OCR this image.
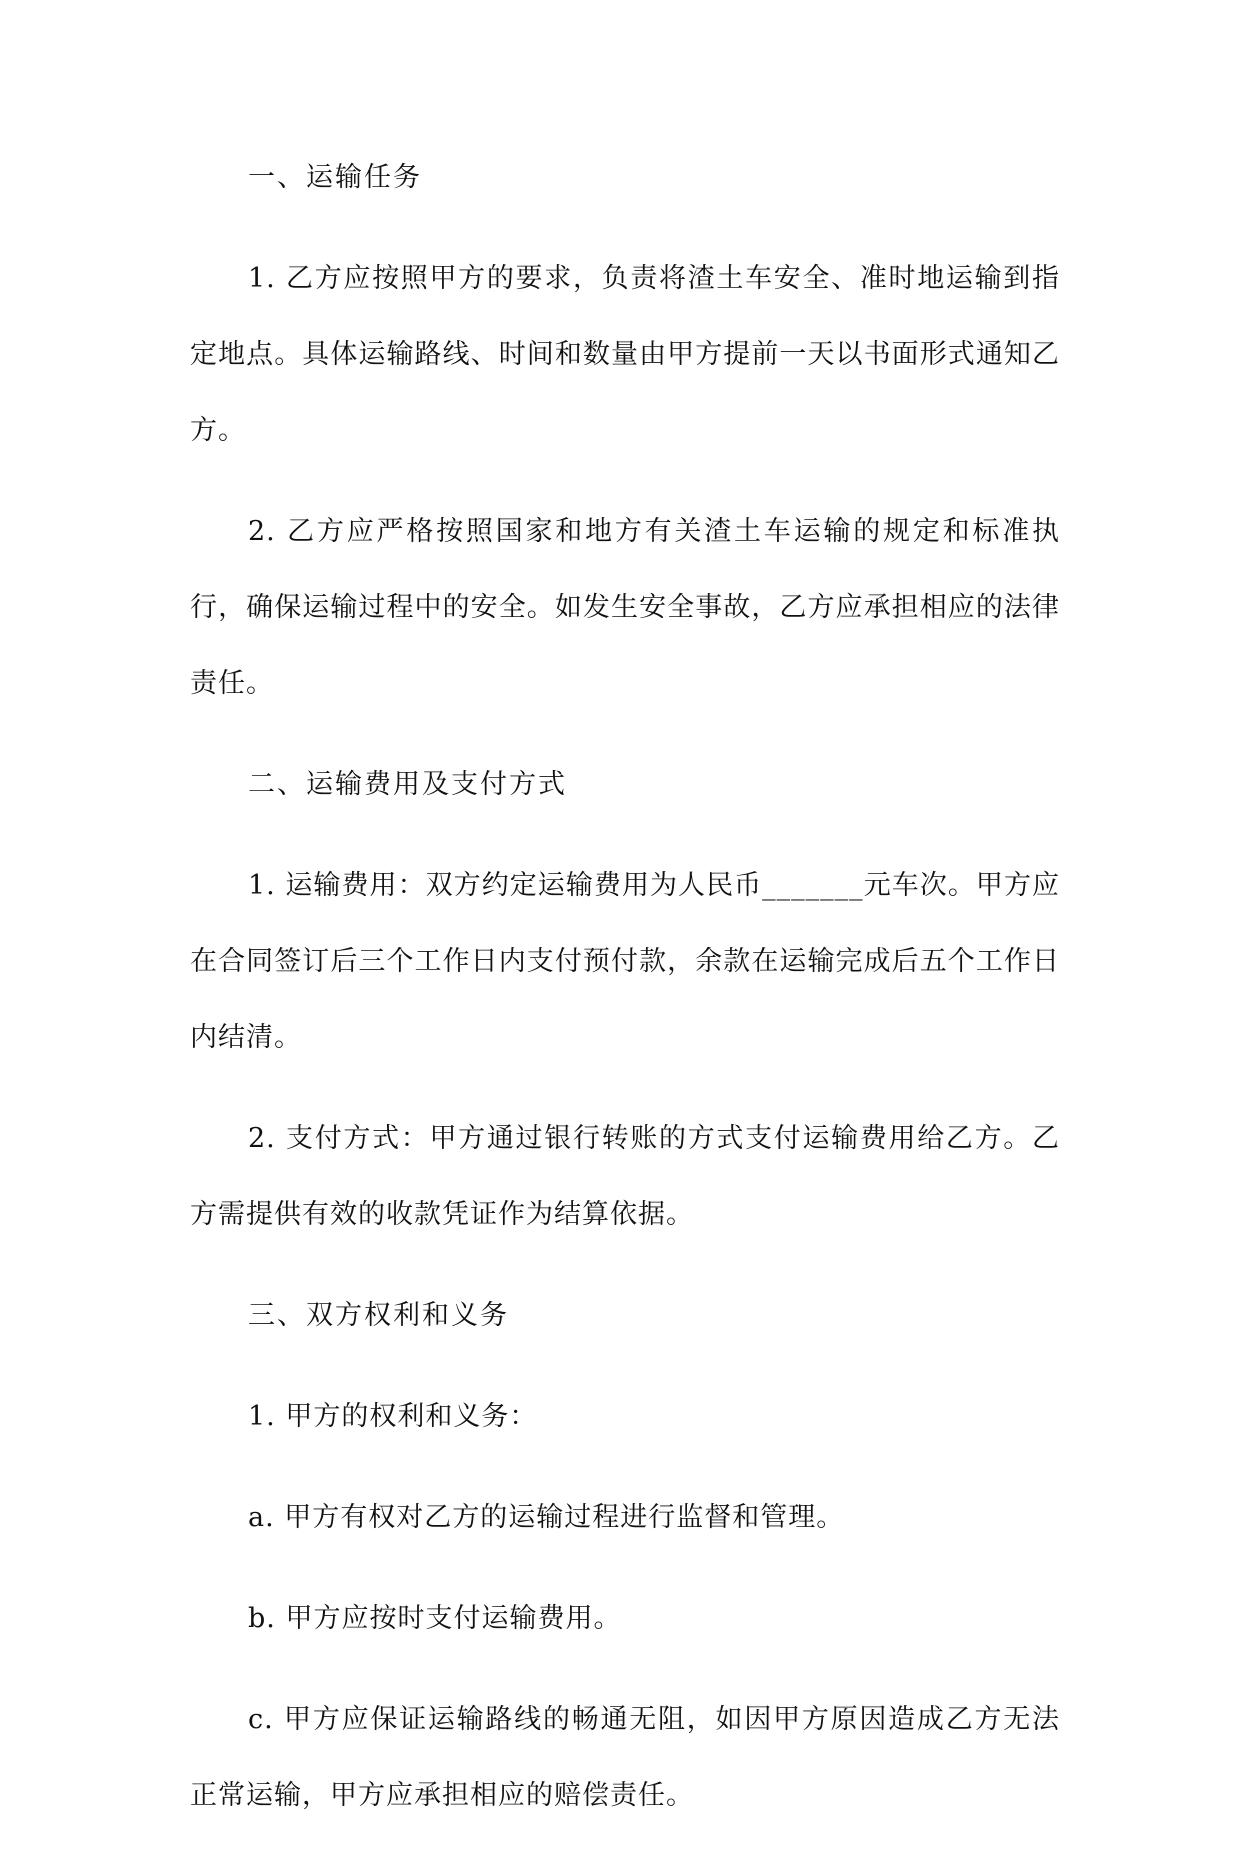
一、运输任务

1. 乙方应按照甲方的要求，负责将渣土车安全、准时地运输到指定地点。具体运输路线、时间和数量由甲方提前一天以书面形式通知乙方。

2. 乙方应严格按照国家和地方有关渣土车运输的规定和标准执行，确保运输过程中的安全。如发生安全事故，乙方应承担相应的法律责任。

二、运输费用及支付方式

1. 运输费用：双方约定运输费用为人民币_______元车次。甲方应在合同签订后三个工作日内支付预付款，余款在运输完成后五个工作日内结清。

2. 支付方式：甲方通过银行转账的方式支付运输费用给乙方。乙方需提供有效的收款凭证作为结算依据。

三、双方权利和义务

1. 甲方的权利和义务：

a. 甲方有权对乙方的运输过程进行监督和管理。

b. 甲方应按时支付运输费用。

c. 甲方应保证运输路线的畅通无阻，如因甲方原因造成乙方无法正常运输，甲方应承担相应的赔偿责任。
